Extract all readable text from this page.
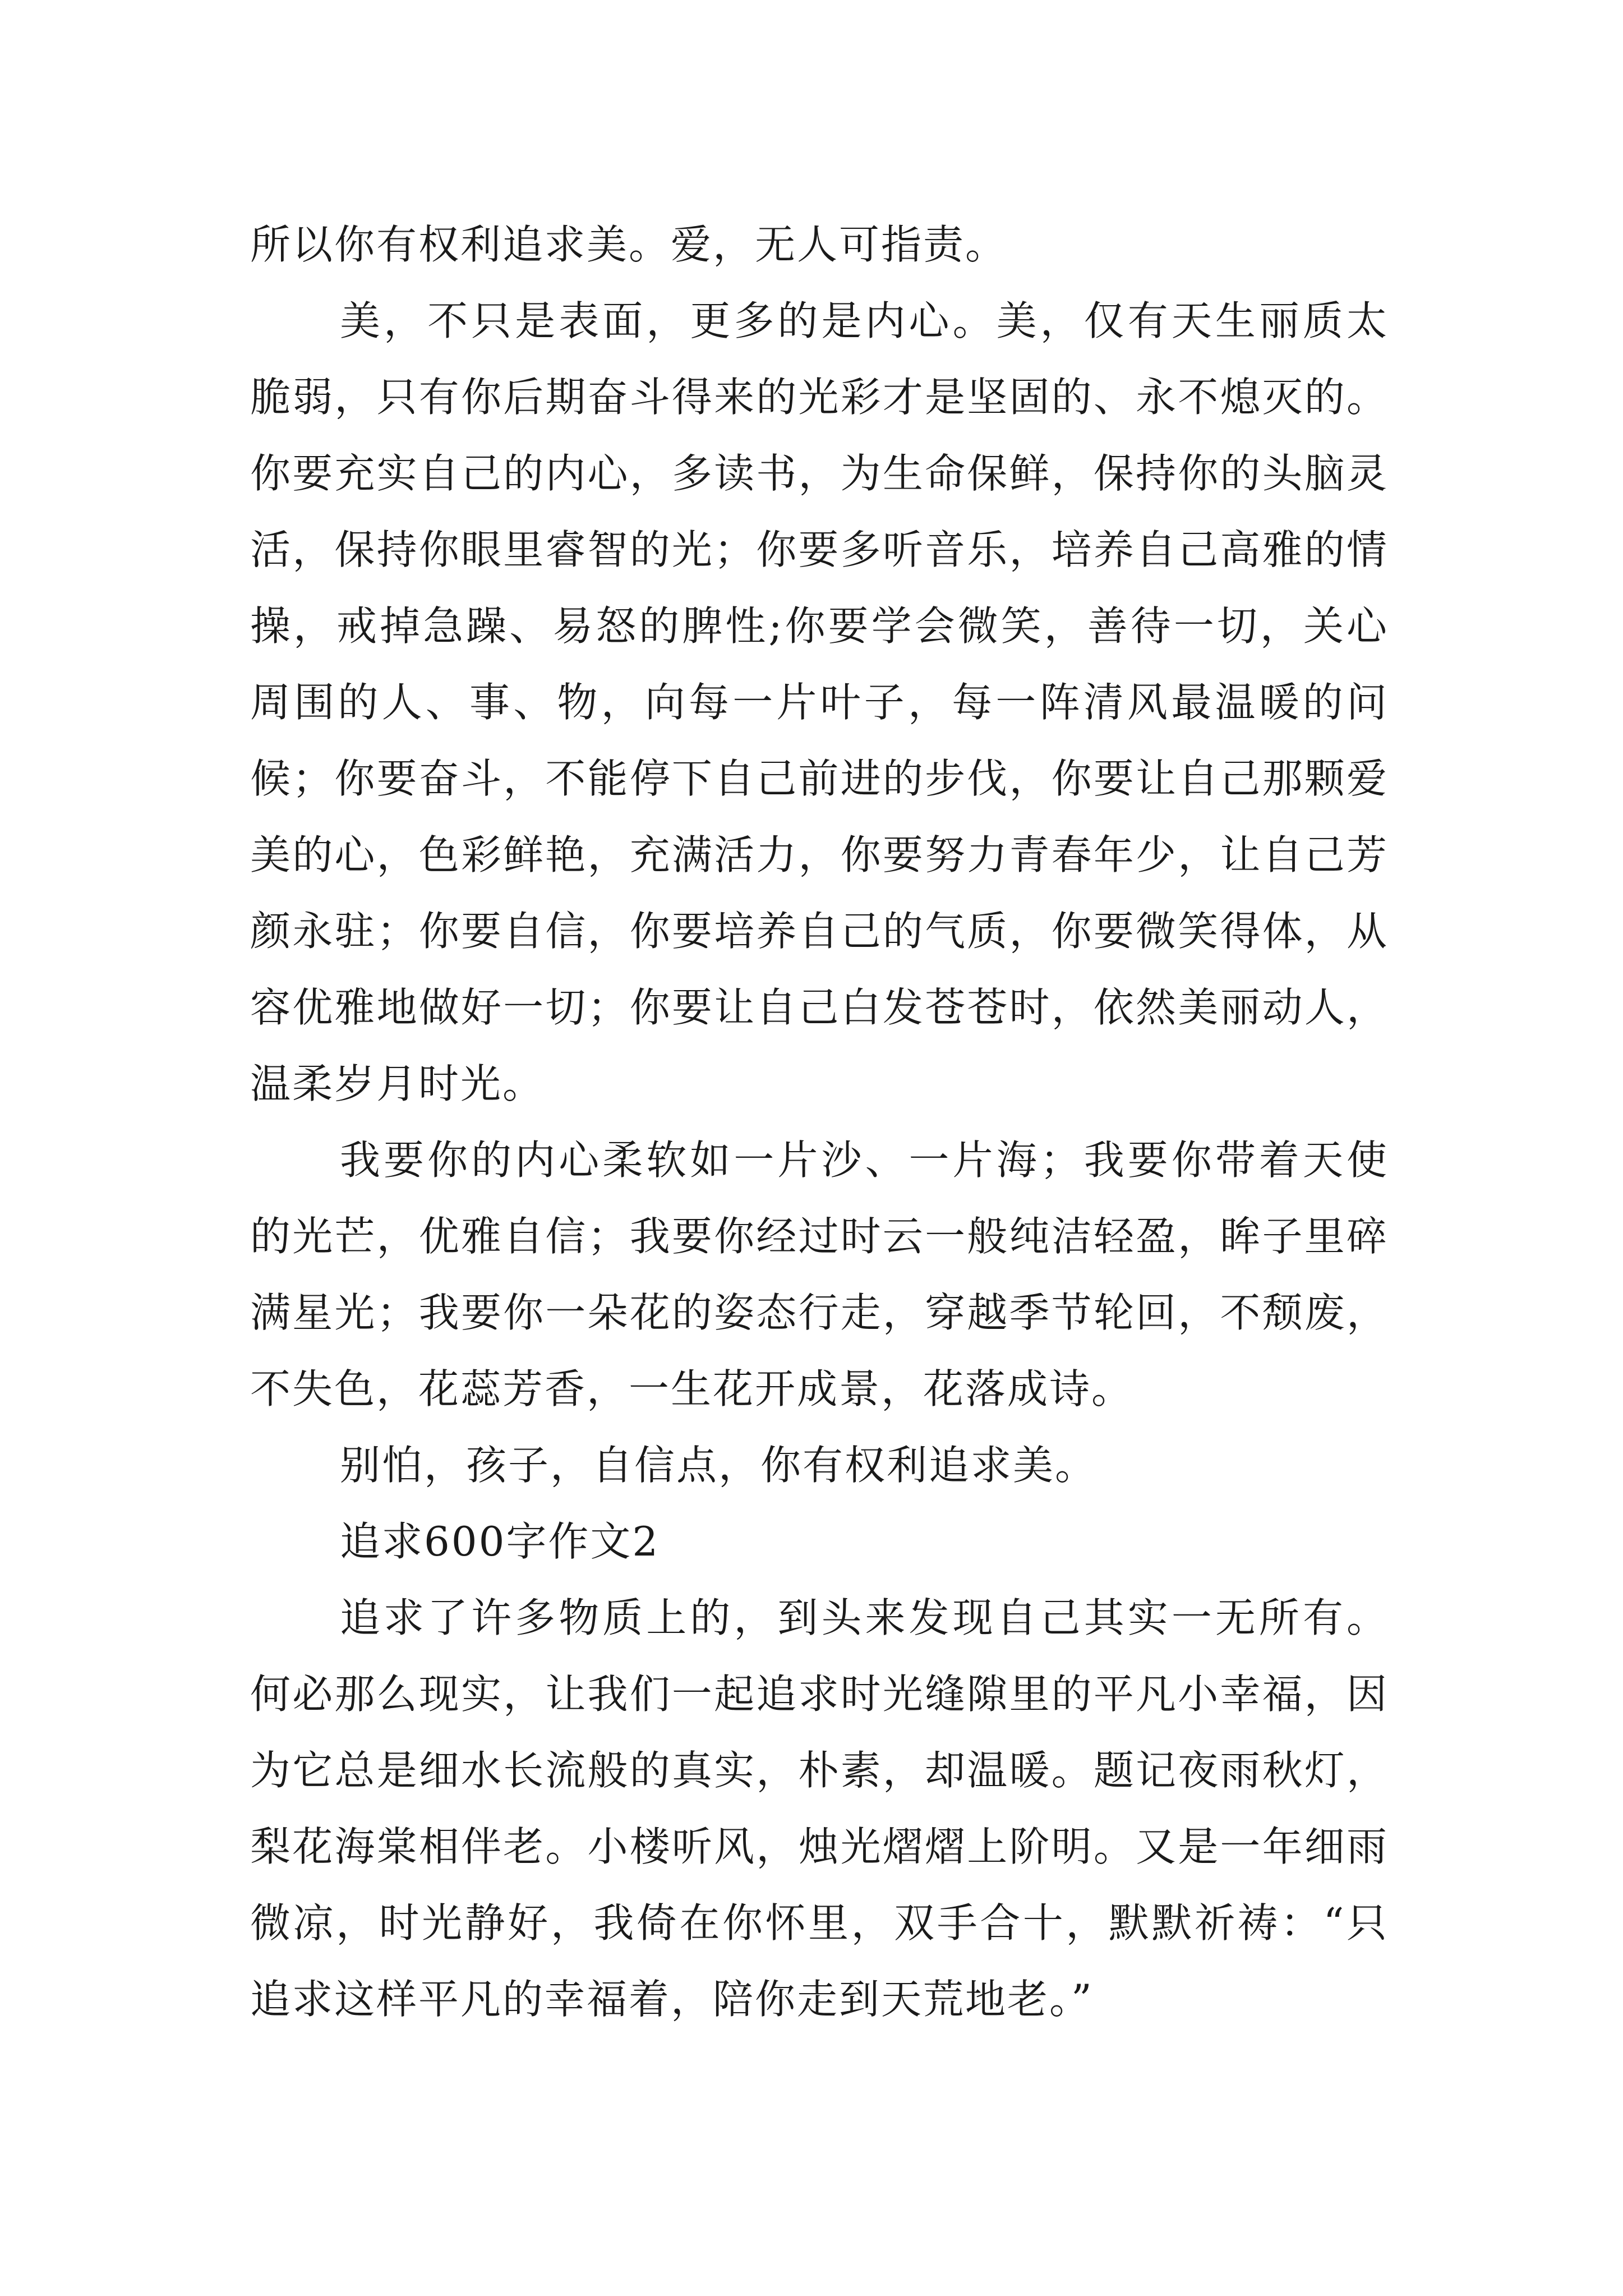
所以你有权利追求美。爱，无人可指责。

美，不只是表面，更多的是内心。美，仅有天生丽质太脆弱，只有你后期奋斗得来的光彩才是坚固的、永不熄灭的。你要充实自己的内心，多读书，为生命保鲜，保持你的头脑灵活，保持你眼里睿智的光；你要多听音乐，培养自己高雅的情操，戒掉急躁、易怒的脾性;你要学会微笑，善待一切，关心周围的人、事、物，向每一片叶子，每一阵清风最温暖的问候；你要奋斗，不能停下自己前进的步伐，你要让自己那颗爱美的心，色彩鲜艳，充满活力，你要努力青春年少，让自己芳颜永驻；你要自信，你要培养自己的气质，你要微笑得体，从容优雅地做好一切；你要让自己白发苍苍时，依然美丽动人，温柔岁月时光。

我要你的内心柔软如一片沙、一片海；我要你带着天使的光芒，优雅自信；我要你经过时云一般纯洁轻盈，眸子里碎满星光；我要你一朵花的姿态行走，穿越季节轮回，不颓废，不失色，花蕊芳香，一生花开成景，花落成诗。

别怕，孩子，自信点，你有权利追求美。

追求600字作文2

追求了许多物质上的，到头来发现自己其实一无所有。何必那么现实，让我们一起追求时光缝隙里的平凡小幸福，因为它总是细水长流般的真实，朴素，却温暖。题记夜雨秋灯，梨花海棠相伴老。小楼听风，烛光熠熠上阶明。又是一年细雨微凉，时光静好，我倚在你怀里，双手合十，默默祈祷：“只追求这样平凡的幸福着，陪你走到天荒地老。”
